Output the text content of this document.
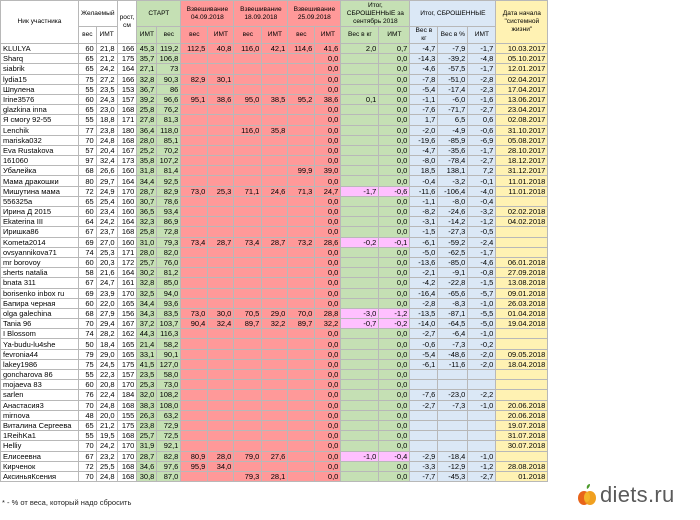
Ник участника	Желаемый		рост, см	СТАРТ		Взвешивание 04.09.2018		Взвешивание 18.09.2018		Взвешивание 25.09.2018		Итог, СБРОШЕННЫЕ за сентябрь 2018		Итог, СБРОШЕННЫЕ			Дата начала "системной жизни"
	вес	ИМТ		ИМТ	вес	вес	ИМТ	вес	ИМТ	вес	ИМТ	Вес в кг	ИМТ	Вес в кг	Вес в %	ИМТ	
KLULYA	60	21,8	166	45,3	119,2	112,5	40,8	116,0	42,1	114,6	41,6	2,0	0,7	-4,7	-7,9	-1,7	10.03.2017
Sharq	65	21,2	175	35,7	106,8						0,0		0,0	-14,3	-39,2	-4,8	05.10.2017
siabrik	65	24,2	164	27,1	73						0,0		0,0	-4,6	-57,5	-1,7	12.01.2017
lydia15	75	27,2	166	32,8	90,3	82,9	30,1				0,0		0,0	-7,8	-51,0	-2,8	02.04.2017
Шпулена	55	23,5	153	36,7	86						0,0		0,0	-5,4	-17,4	-2,3	17.04.2017
Irine3576	60	24,3	157	39,2	96,6	95,1	38,6	95,0	38,5	95,2	38,6	0,1	0,0	-1,1	-6,0	-1,6	13.06.2017
glazkina inna	65	23,0	168	25,8	76,2						0,0		0,0	-7,6	-71,7	-2,7	23.04.2017
Я смогу 92-55	55	18,8	171	27,8	81,3						0,0		0,0	1,7	6,5	0,6	02.08.2017
Lenchik	77	23,8	180	36,4	118,0			116,0	35,8		0,0		0,0	-2,0	-4,9	-0,6	31.10.2017
mariska032	70	24,8	168	28,0	85,1						0,0		0,0	-19,6	-85,9	-6,9	05.08.2017
Eva Rustakova	57	20,4	167	25,2	70,2						0,0		0,0	-4,7	-35,6	-1,7	28.10.2017
161060	97	32,4	173	35,8	107,2						0,0		0,0	-8,0	-78,4	-2,7	18.12.2017
Убалейка	68	26,6	160	31,8	81,4					99,9	39,0		0,0	18,5	138,1	7,2	31.12.2017
Мама дракошки	80	29,7	164	34,4	92,5						0,0		0,0	-0,4	-3,2	-0,1	11.01.2018
Мишутина мама	72	24,9	170	28,7	82,9	73,0	25,3	71,1	24,6	71,3	24,7	-1,7	-0,6	-11,6	-106,4	-4,0	11.01.2018
556325a	65	25,4	160	30,7	78,6						0,0		0,0	-1,1	-8,0	-0,4	
Ирина Д 2015	60	23,4	160	36,5	93,4						0,0		0,0	-8,2	-24,6	-3,2	02.02.2018
Ekaterina III	64	24,2	164	32,3	86,9						0,0		0,0	-3,1	-14,2	-1,2	04.02.2018
Иришка86	67	23,7	168	25,8	72,8						0,0		0,0	-1,5	-27,3	-0,5	
Kometa2014	69	27,0	160	31,0	79,3	73,4	28,7	73,4	28,7	73,2	28,6	-0,2	-0,1	-6,1	-59,2	-2,4	
ovsyannikova71	74	25,3	171	28,0	82,0						0,0		0,0	-5,0	-62,5	-1,7	
mr borovoy	60	20,3	172	25,7	76,0						0,0		0,0	-13,6	-85,0	-4,6	06.01.2018
sherts natalia	58	21,6	164	30,2	81,2						0,0		0,0	-2,1	-9,1	-0,8	27.09.2018
bnata 311	67	24,7	161	32,8	85,0						0,0		0,0	-4,2	-22,8	-1,5	13.08.2018
borisenko inbox ru	69	23,9	170	32,5	94,0						0,0		0,0	-16,4	-65,6	-5,7	09.01.2018
Бапира черная	60	22,0	165	34,4	93,6						0,0		0,0	-2,8	-8,3	-1,0	26.03.2018
olga galechina	68	27,9	156	34,3	83,5	73,0	30,0	70,5	29,0	70,0	28,8	-3,0	-1,2	-13,5	-87,1	-5,5	01.04.2018
Tania 96	70	29,4	167	37,2	103,7	90,4	32,4	89,7	32,2	89,7	32,2	-0,7	-0,2	-14,0	-64,5	-5,0	19.04.2018
I Blossom	74	28,2	162	44,3	116,3						0,0		0,0	-2,7	-6,4	-1,0	
Ya-budu-lu4she	50	18,4	165	21,4	58,2						0,0		0,0	-0,6	-7,3	-0,2	
fevronia44	79	29,0	165	33,1	90,1						0,0		0,0	-5,4	-48,6	-2,0	09.05.2018
lakey1986	75	24,5	175	41,5	127,0						0,0		0,0	-6,1	-11,6	-2,0	18.04.2018
goncharova 86	55	22,3	157	23,5	58,0						0,0		0,0				
mojaeva 83	60	20,8	170	25,3	73,0						0,0		0,0				
sarlen	76	22,4	184	32,0	108,2						0,0		0,0	-7,6	-23,0	-2,2	
Анастасия3	70	24,8	168	38,3	108,0						0,0		0,0	-2,7	-7,3	-1,0	20.06.2018
mirnova	48	20,0	155	26,3	63,2						0,0		0,0				20.06.2018
Виталина Сергеева	65	21,2	175	23,8	72,9						0,0		0,0				19.07.2018
1ReihKa1	55	19,5	168	25,7	72,5						0,0		0,0				31.07.2018
Helliy	70	24,2	170	31,9	92,1						0,0		0,0				30.07.2018
Елисеевна	67	23,2	170	28,7	82,8	80,9	28,0	79,0	27,6		0,0	-1,0	-0,4	-2,9	-18,4	-1,0	
Кирченок	72	25,5	168	34,6	97,6	95,9	34,0				0,0		0,0	-3,3	-12,9	-1,2	28.08.2018
АксиньяКсения	70	24,8	168	30,8	87,0			79,3	28,1		0,0		0,0	-7,7	-45,3	-2,7	01.2018
* - % от веса, который надо сбросить	diets.ru
